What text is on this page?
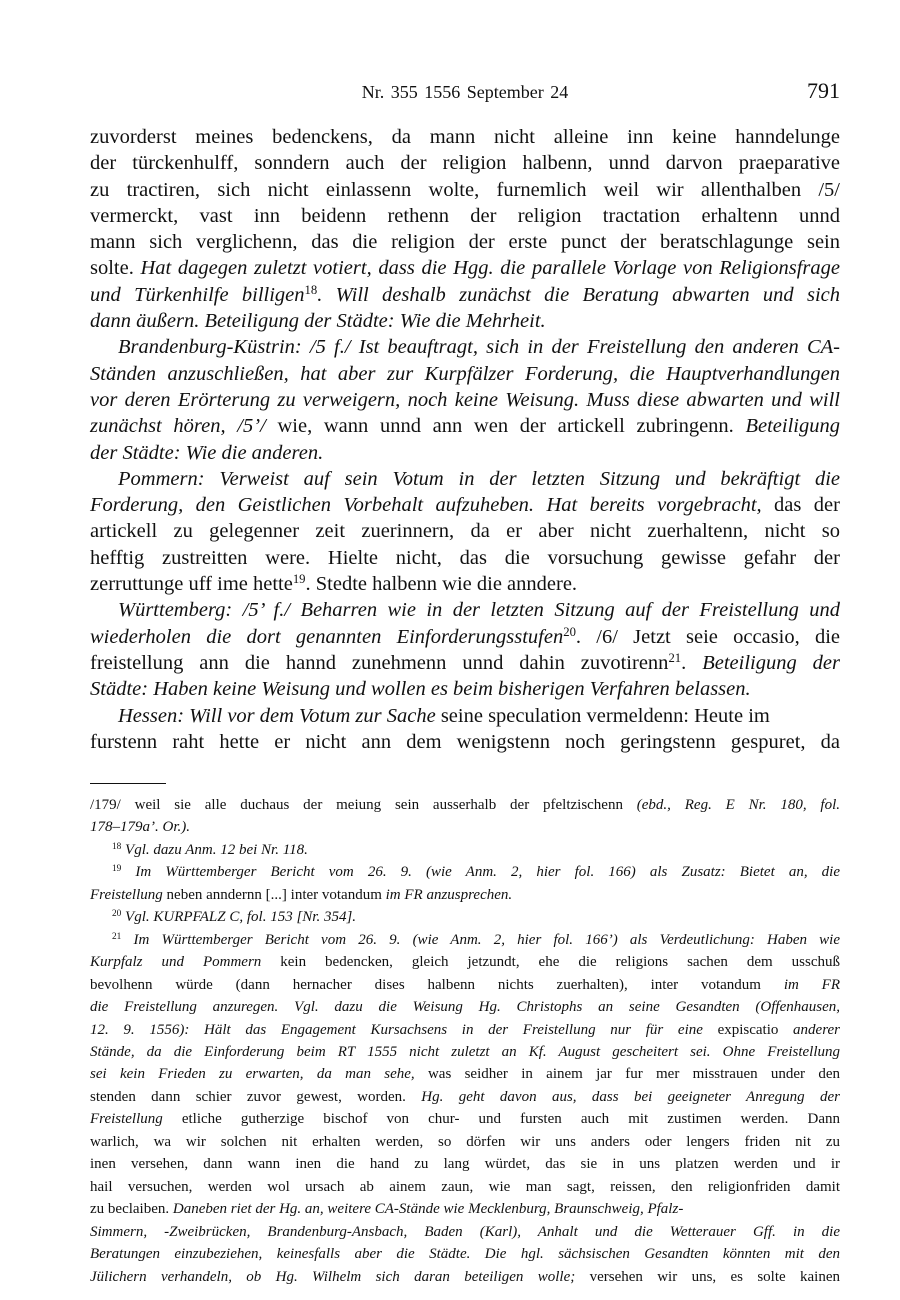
Nr. 355 1556 September 24	791
zuvorderst meines bedenckens, da mann nicht alleine inn keine hanndelunge
der türckenhulff, sonndern auch der religion halbenn, unnd darvon praeparative
zu tractiren, sich nicht einlassenn wolte, furnemlich weil wir allenthalben /5/
vermerckt, vast inn beidenn rethenn der religion tractation erhaltenn unnd
mann sich verglichenn, das die religion der erste punct der beratschlagunge sein
solte. Hat dagegen zuletzt votiert, dass die Hgg. die parallele Vorlage von Religionsfrage
und Türkenhilfe billigen$^{18}$. Will deshalb zunächst die Beratung abwarten und sich
dann äußern. Beteiligung der Städte: Wie die Mehrheit.
Brandenburg-Küstrin: /5 f./ Ist beauftragt, sich in der Freistellung den anderen CA-
Ständen anzuschließen, hat aber zur Kurpfälzer Forderung, die Hauptverhandlungen
vor deren Erörterung zu verweigern, noch keine Weisung. Muss diese abwarten und will
zunächst hören, /5’/ wie, wann unnd ann wen der artickell zubringenn. Beteiligung
der Städte: Wie die anderen.
Pommern: Verweist auf sein Votum in der letzten Sitzung und bekräftigt die
Forderung, den Geistlichen Vorbehalt aufzuheben. Hat bereits vorgebracht, das der
artickell zu gelegenner zeit zuerinnern, da er aber nicht zuerhaltenn, nicht so
hefftig zustreitten were. Hielte nicht, das die vorsuchung gewisse gefahr der
zerruttunge uff ime hette$^{19}$. Stedte halbenn wie die anndere.
Württemberg: /5’ f./ Beharren wie in der letzten Sitzung auf der Freistellung und
wiederholen die dort genannten Einforderungsstufen$^{20}$. /6/ Jetzt seie occasio, die
freistellung ann die hannd zunehmenn unnd dahin zuvotirenn$^{21}$. Beteiligung der
Städte: Haben keine Weisung und wollen es beim bisherigen Verfahren belassen.
Hessen: Will vor dem Votum zur Sache seine speculation vermeldenn: Heute im
furstenn raht hette er nicht ann dem wenigstenn noch geringstenn gespuret, da
/179/ weil sie alle duchaus der meiung sein ausserhalb der pfeltzischenn (ebd., Reg. E Nr. 180, fol.
178–179a’. Or.).
$^{18}$ Vgl. dazu Anm. 12 bei Nr. 118.
$^{19}$ Im Württemberger Bericht vom 26. 9. (wie Anm. 2, hier fol. 166) als Zusatz: Bietet an, die
Freistellung neben anndernn [...] inter votandum im FR anzusprechen.
$^{20}$ Vgl. KURPFALZ C, fol. 153 [Nr. 354].
$^{21}$ Im Württemberger Bericht vom 26. 9. (wie Anm. 2, hier fol. 166’) als Verdeutlichung: Haben wie
Kurpfalz und Pommern kein bedencken, gleich jetzundt, ehe die religions sachen dem usschuß
bevolhenn würde (dann hernacher dises halbenn nichts zuerhalten), inter votandum im FR
die Freistellung anzuregen. Vgl. dazu die Weisung Hg. Christophs an seine Gesandten (Offenhausen,
12. 9. 1556): Hält das Engagement Kursachsens in der Freistellung nur für eine expiscatio anderer
Stände, da die Einforderung beim RT 1555 nicht zuletzt an Kf. August gescheitert sei. Ohne Freistellung
sei kein Frieden zu erwarten, da man sehe, was seidher in ainem jar fur mer misstrauen under den
stenden dann schier zuvor gewest, worden. Hg. geht davon aus, dass bei geeigneter Anregung der
Freistellung etliche gutherzige bischof von chur- und fursten auch mit zustimen werden. Dann
warlich, wa wir solchen nit erhalten werden, so dörfen wir uns anders oder lengers friden nit zu
inen versehen, dann wann inen die hand zu lang würdet, das sie in uns platzen werden und ir
hail versuchen, werden wol ursach ab ainem zaun, wie man sagt, reissen, den religionfriden damit
zu beclaiben. Daneben riet der Hg. an, weitere CA-Stände wie Mecklenburg, Braunschweig, Pfalz-
Simmern, -Zweibrücken, Brandenburg-Ansbach, Baden (Karl), Anhalt und die Wetterauer Gff. in die
Beratungen einzubeziehen, keinesfalls aber die Städte. Die hgl. sächsischen Gesandten könnten mit den
Jülichern verhandeln, ob Hg. Wilhelm sich daran beteiligen wolle; versehen wir uns, es solte kainen
